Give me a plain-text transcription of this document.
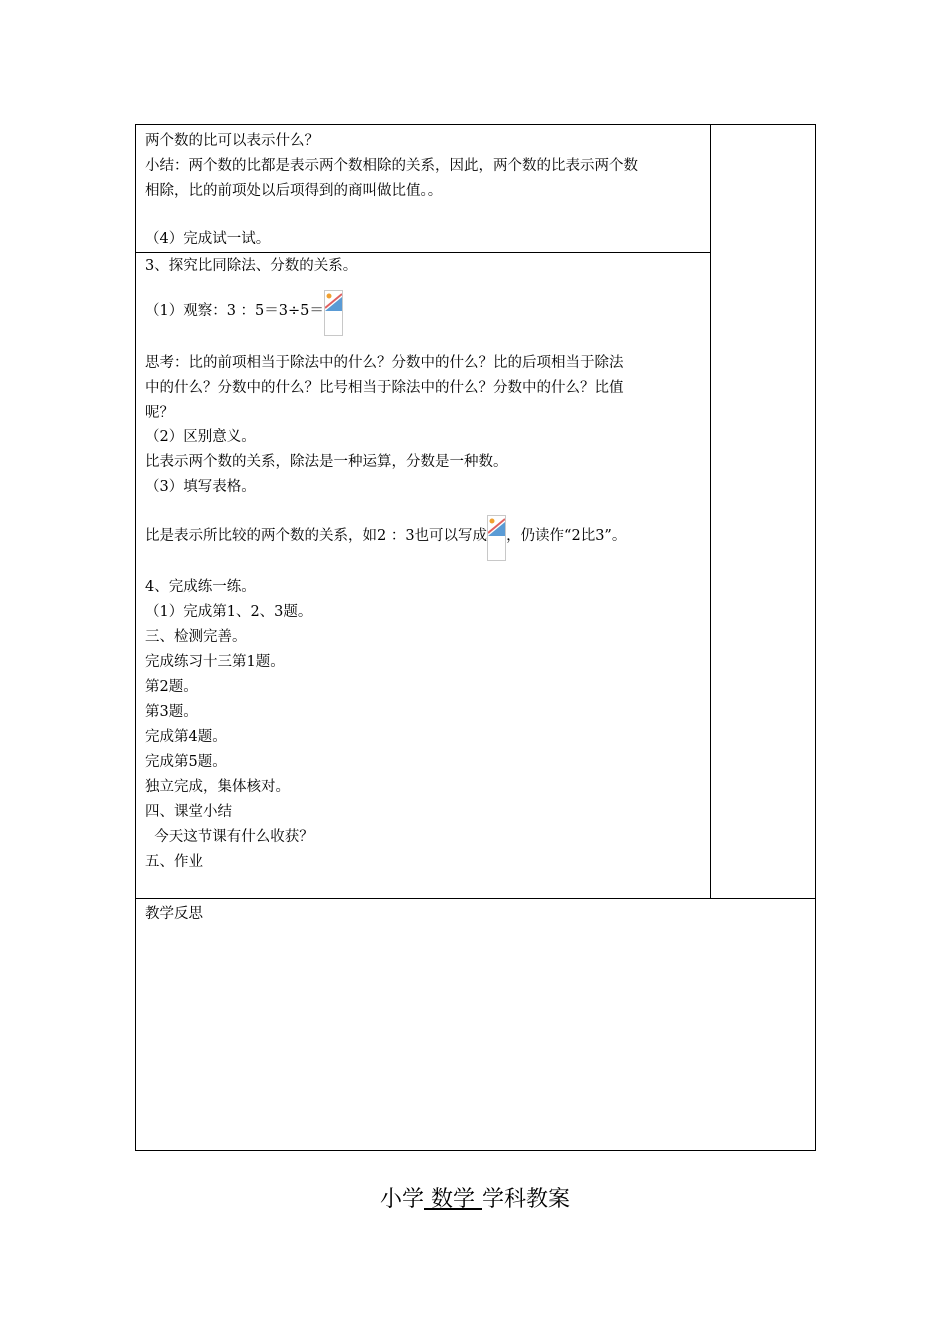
两个数的比可以表示什么？
小结：两个数的比都是表示两个数相除的关系，因此，两个数的比表示两个数
相除，比的前项处以后项得到的商叫做比值。。
（4）完成试一试。
3、探究比同除法、分数的关系。
（1）观察：3 ：5＝3÷5＝
思考：比的前项相当于除法中的什么？分数中的什么？比的后项相当于除法
中的什么？分数中的什么？比号相当于除法中的什么？分数中的什么？比值
呢？
（2）区别意义。
比表示两个数的关系，除法是一种运算，分数是一种数。
（3）填写表格。
比是表示所比较的两个数的关系，如2 ：3也可以写成 ，仍读作“2比3”。
4、完成练一练。
（1）完成第1、2、3题。
三、检测完善。
完成练习十三第1题。
第2题。
第3题。
完成第4题。
完成第5题。
独立完成，集体核对。
四、课堂小结
今天这节课有什么收获？
五、作业
教学反思
小学 数学 学科教案
